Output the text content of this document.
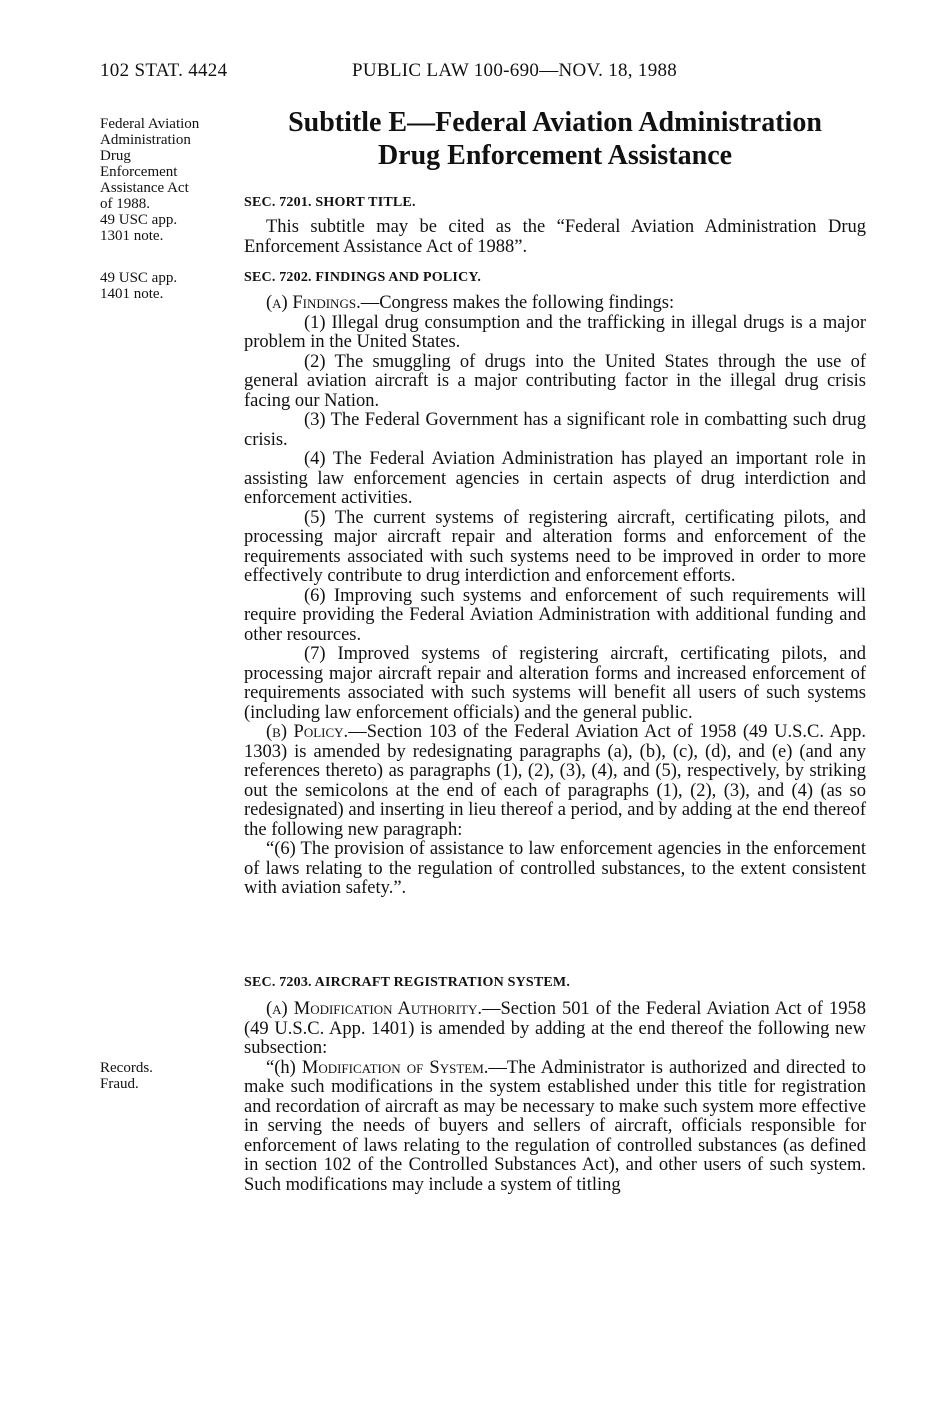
102 STAT. 4424	PUBLIC LAW 100-690—NOV. 18, 1988
Federal Aviation
Administration
Drug
Enforcement
Assistance Act
of 1988.
49 USC app.
1301 note.
49 USC app.
1401 note.
Records.
Fraud.
Subtitle E—Federal Aviation Administration
Drug Enforcement Assistance
SEC. 7201. SHORT TITLE.

This subtitle may be cited as the “Federal Aviation Administration Drug Enforcement Assistance Act of 1988”.

SEC. 7202. FINDINGS AND POLICY.

(a) Findings.—Congress makes the following findings:

(1) Illegal drug consumption and the trafficking in illegal drugs is a major problem in the United States.

(2) The smuggling of drugs into the United States through the use of general aviation aircraft is a major contributing factor in the illegal drug crisis facing our Nation.

(3) The Federal Government has a significant role in combatting such drug crisis.

(4) The Federal Aviation Administration has played an important role in assisting law enforcement agencies in certain aspects of drug interdiction and enforcement activities.

(5) The current systems of registering aircraft, certificating pilots, and processing major aircraft repair and alteration forms and enforcement of the requirements associated with such systems need to be improved in order to more effectively contribute to drug interdiction and enforcement efforts.

(6) Improving such systems and enforcement of such requirements will require providing the Federal Aviation Administration with additional funding and other resources.

(7) Improved systems of registering aircraft, certificating pilots, and processing major aircraft repair and alteration forms and increased enforcement of requirements associated with such systems will benefit all users of such systems (including law enforcement officials) and the general public.

(b) Policy.—Section 103 of the Federal Aviation Act of 1958 (49 U.S.C. App. 1303) is amended by redesignating paragraphs (a), (b), (c), (d), and (e) (and any references thereto) as paragraphs (1), (2), (3), (4), and (5), respectively, by striking out the semicolons at the end of each of paragraphs (1), (2), (3), and (4) (as so redesignated) and inserting in lieu thereof a period, and by adding at the end thereof the following new paragraph:

“(6) The provision of assistance to law enforcement agencies in the enforcement of laws relating to the regulation of controlled substances, to the extent consistent with aviation safety.”.

SEC. 7203. AIRCRAFT REGISTRATION SYSTEM.

(a) Modification Authority.—Section 501 of the Federal Aviation Act of 1958 (49 U.S.C. App. 1401) is amended by adding at the end thereof the following new subsection:

“(h) Modification of System.—The Administrator is authorized and directed to make such modifications in the system established under this title for registration and recordation of aircraft as may be necessary to make such system more effective in serving the needs of buyers and sellers of aircraft, officials responsible for enforcement of laws relating to the regulation of controlled substances (as defined in section 102 of the Controlled Substances Act), and other users of such system. Such modifications may include a system of titling
